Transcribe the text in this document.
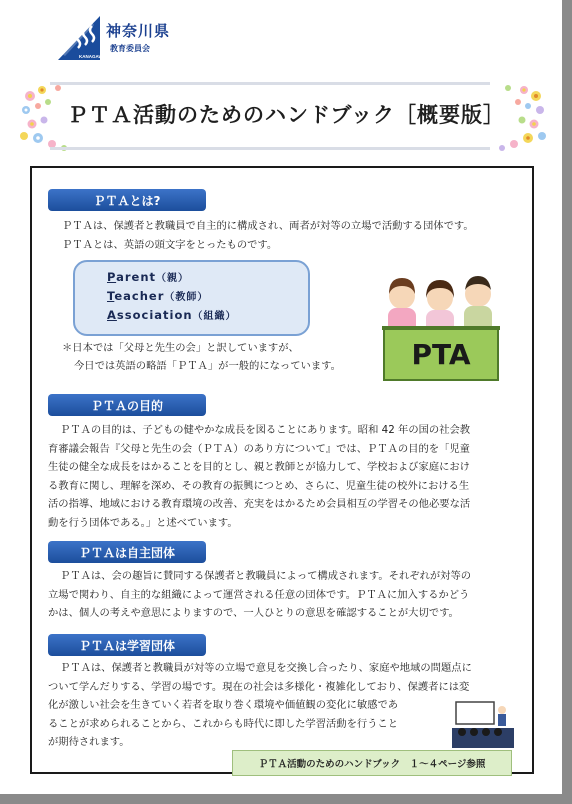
KANAGAWA
神奈川県
教育委員会
ＰＴＡ活動のためのハンドブック［概要版］
ＰＴＡとは?
ＰＴＡは、保護者と教職員で自主的に構成され、両者が対等の立場で活動する団体です。
ＰＴＡとは、英語の頭文字をとったものです。
Parent（親）
Teacher（教師）
Association（組織）
＊日本では「父母と先生の会」と訳していますが、
今日では英語の略語「ＰＴＡ」が一般的になっています。	PTA
ＰＴＡの目的
ＰＴＡの目的は、子どもの健やかな成長を図ることにあります。昭和 42 年の国の社会教
育審議会報告『父母と先生の会（ＰＴＡ）のあり方について』では、ＰＴＡの目的を「児童
生徒の健全な成長をはかることを目的とし、親と教師とが協力して、学校および家庭におけ
る教育に関し、理解を深め、その教育の振興につとめ、さらに、児童生徒の校外における生
活の指導、地域における教育環境の改善、充実をはかるため会員相互の学習その他必要な活
動を行う団体である。」と述べています。
ＰＴＡは自主団体
ＰＴＡは、会の趣旨に賛同する保護者と教職員によって構成されます。それぞれが対等の
立場で関わり、自主的な組織によって運営される任意の団体です。ＰＴＡに加入するかどう
かは、個人の考えや意思によりますので、一人ひとりの意思を確認することが大切です。
ＰＴＡは学習団体
ＰＴＡは、保護者と教職員が対等の立場で意見を交換し合ったり、家庭や地域の問題点に
ついて学んだりする、学習の場です。現在の社会は多様化・複雑化しており、保護者には変
化が激しい社会を生きていく若者を取り巻く環境や価値観の変化に敏感であ
ることが求められることから、これからも時代に即した学習活動を行うこと
が期待されます。
ＰＴＡ活動のためのハンドブック　１～４ページ参照
